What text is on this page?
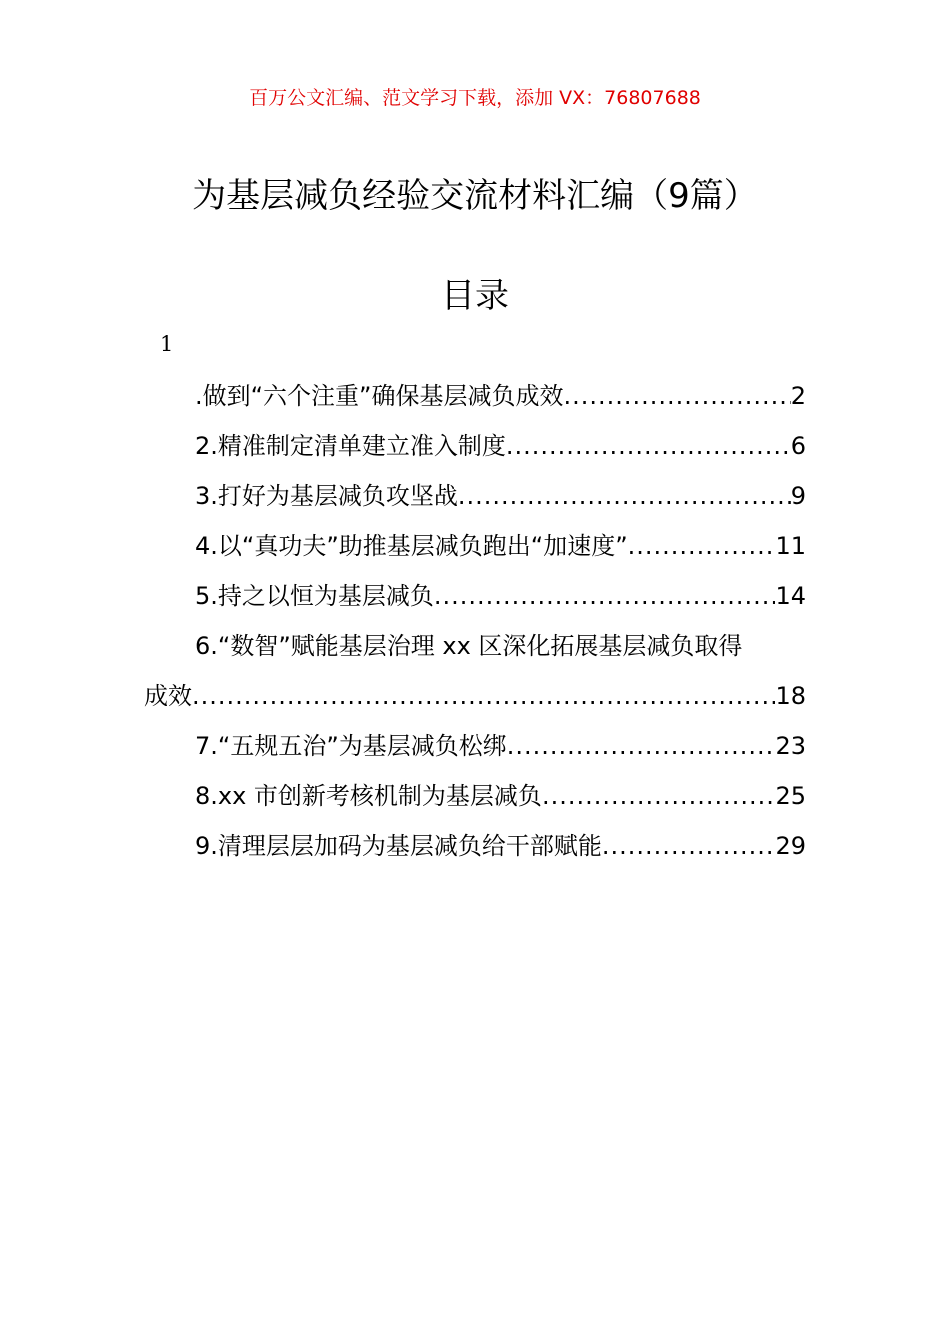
百万公文汇编、范文学习下载，添加 VX：76807688
为基层减负经验交流材料汇编（9篇）
目录
1
.做到“六个注重”确保基层减负成效 .....	2
2.精准制定清单建立准入制度 .....	6
3.打好为基层减负攻坚战 .....	9
4.以“真功夫”助推基层减负跑出“加速度” .....	11
5.持之以恒为基层减负 .....	14
6.“数智”赋能基层治理 xx 区深化拓展基层减负取得
成效 .....	18
7.“五规五治”为基层减负松绑 .....	23
8.xx 市创新考核机制为基层减负 .....	25
9.清理层层加码为基层减负给干部赋能 .....	29
